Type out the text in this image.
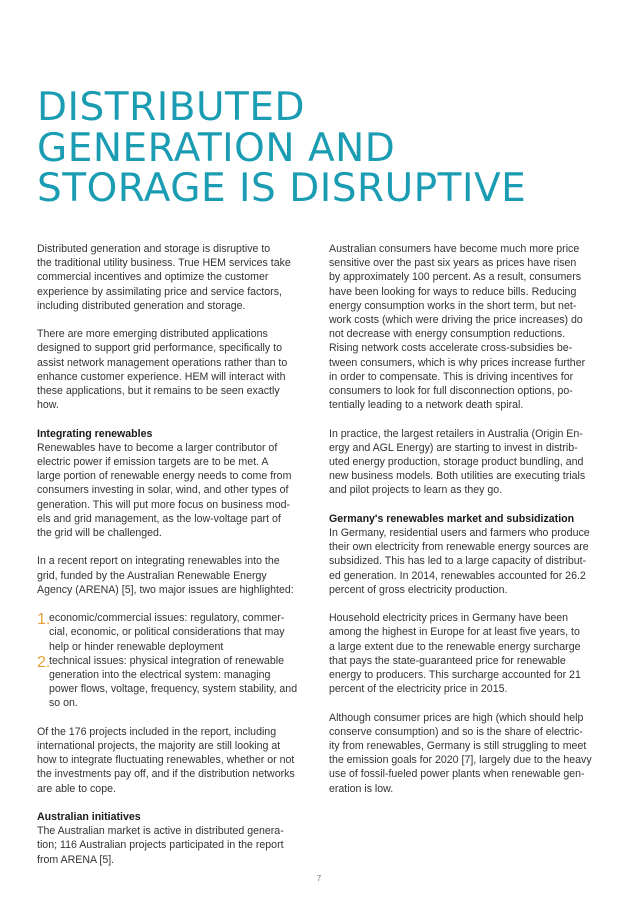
DISTRIBUTED
GENERATION AND
STORAGE IS DISRUPTIVE
Distributed generation and storage is disruptive to
the traditional utility business. True HEM services take
commercial incentives and optimize the customer
experience by assimilating price and service factors,
including distributed generation and storage.
There are more emerging distributed applications
designed to support grid performance, specifically to
assist network management operations rather than to
enhance customer experience. HEM will interact with
these applications, but it remains to be seen exactly
how.
Integrating renewables
Renewables have to become a larger contributor of
electric power if emission targets are to be met. A
large portion of renewable energy needs to come from
consumers investing in solar, wind, and other types of
generation. This will put more focus on business mod-
els and grid management, as the low-voltage part of
the grid will be challenged.
In a recent report on integrating renewables into the
grid, funded by the Australian Renewable Energy
Agency (ARENA) [5], two major issues are highlighted:
1.
economic/commercial issues: regulatory, commer-
cial, economic, or political considerations that may
help or hinder renewable deployment
2.
technical issues: physical integration of renewable
generation into the electrical system: managing
power flows, voltage, frequency, system stability, and
so on.
Of the 176 projects included in the report, including
international projects, the majority are still looking at
how to integrate fluctuating renewables, whether or not
the investments pay off, and if the distribution networks
are able to cope.
Australian initiatives
The Australian market is active in distributed genera-
tion; 116 Australian projects participated in the report
from ARENA [5].
Australian consumers have become much more price
sensitive over the past six years as prices have risen
by approximately 100 percent. As a result, consumers
have been looking for ways to reduce bills. Reducing
energy consumption works in the short term, but net-
work costs (which were driving the price increases) do
not decrease with energy consumption reductions.
Rising network costs accelerate cross-subsidies be-
tween consumers, which is why prices increase further
in order to compensate. This is driving incentives for
consumers to look for full disconnection options, po-
tentially leading to a network death spiral.
In practice, the largest retailers in Australia (Origin En-
ergy and AGL Energy) are starting to invest in distrib-
uted energy production, storage product bundling, and
new business models. Both utilities are executing trials
and pilot projects to learn as they go.
Germany's renewables market and subsidization
In Germany, residential users and farmers who produce
their own electricity from renewable energy sources are
subsidized. This has led to a large capacity of distribut-
ed generation. In 2014, renewables accounted for 26.2
percent of gross electricity production.
Household electricity prices in Germany have been
among the highest in Europe for at least five years, to
a large extent due to the renewable energy surcharge
that pays the state-guaranteed price for renewable
energy to producers. This surcharge accounted for 21
percent of the electricity price in 2015.
Although consumer prices are high (which should help
conserve consumption) and so is the share of electric-
ity from renewables, Germany is still struggling to meet
the emission goals for 2020 [7], largely due to the heavy
use of fossil-fueled power plants when renewable gen-
eration is low.
7
